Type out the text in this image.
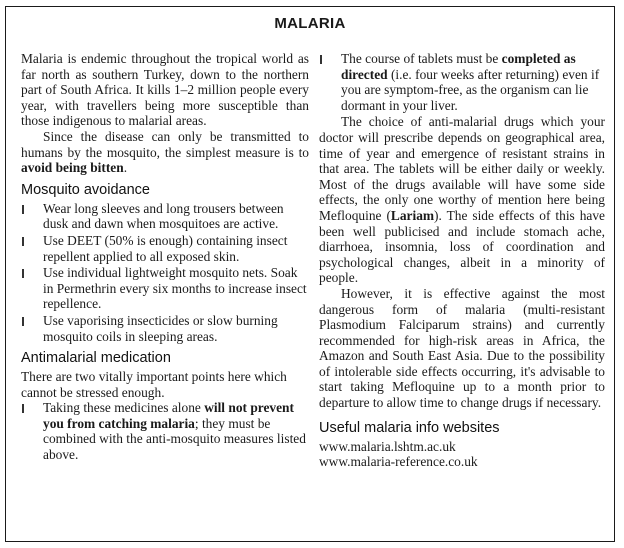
MALARIA

Malaria is endemic throughout the tropical world as far north as southern Turkey, down to the northern part of South Africa. It kills 1–2 million people every year, with travellers being more susceptible than those indigenous to malarial areas.

Since the disease can only be transmitted to humans by the mosquito, the simplest measure is to avoid being bitten.

Mosquito avoidance
Wear long sleeves and long trousers between dusk and dawn when mosquitoes are active.
Use DEET (50% is enough) containing insect repellent applied to all exposed skin.
Use individual lightweight mosquito nets. Soak in Permethrin every six months to increase insect repellence.
Use vaporising insecticides or slow burning mosquito coils in sleeping areas.
Antimalarial medication

There are two vitally important points here which cannot be stressed enough.

Taking these medicines alone will not prevent you from catching malaria; they must be combined with the anti-mosquito measures listed above.
The course of tablets must be completed as directed (i.e. four weeks after returning) even if you are symptom-free, as the organism can lie dormant in your liver.

The choice of anti-malarial drugs which your doctor will prescribe depends on geographical area, time of year and emergence of resistant strains in that area. The tablets will be either daily or weekly. Most of the drugs available will have some side effects, the only one worthy of mention here being Mefloquine (Lariam). The side effects of this have been well publicised and include stomach ache, diarrhoea, insomnia, loss of coordination and psychological changes, albeit in a minority of people.

However, it is effective against the most dangerous form of malaria (multi-resistant Plasmodium Falciparum strains) and currently recommended for high-risk areas in Africa, the Amazon and South East Asia. Due to the possibility of intolerable side effects occurring, it's advisable to start taking Mefloquine up to a month prior to departure to allow time to change drugs if necessary.

Useful malaria info websites
www.malaria.lshtm.ac.uk
www.malaria-reference.co.uk
